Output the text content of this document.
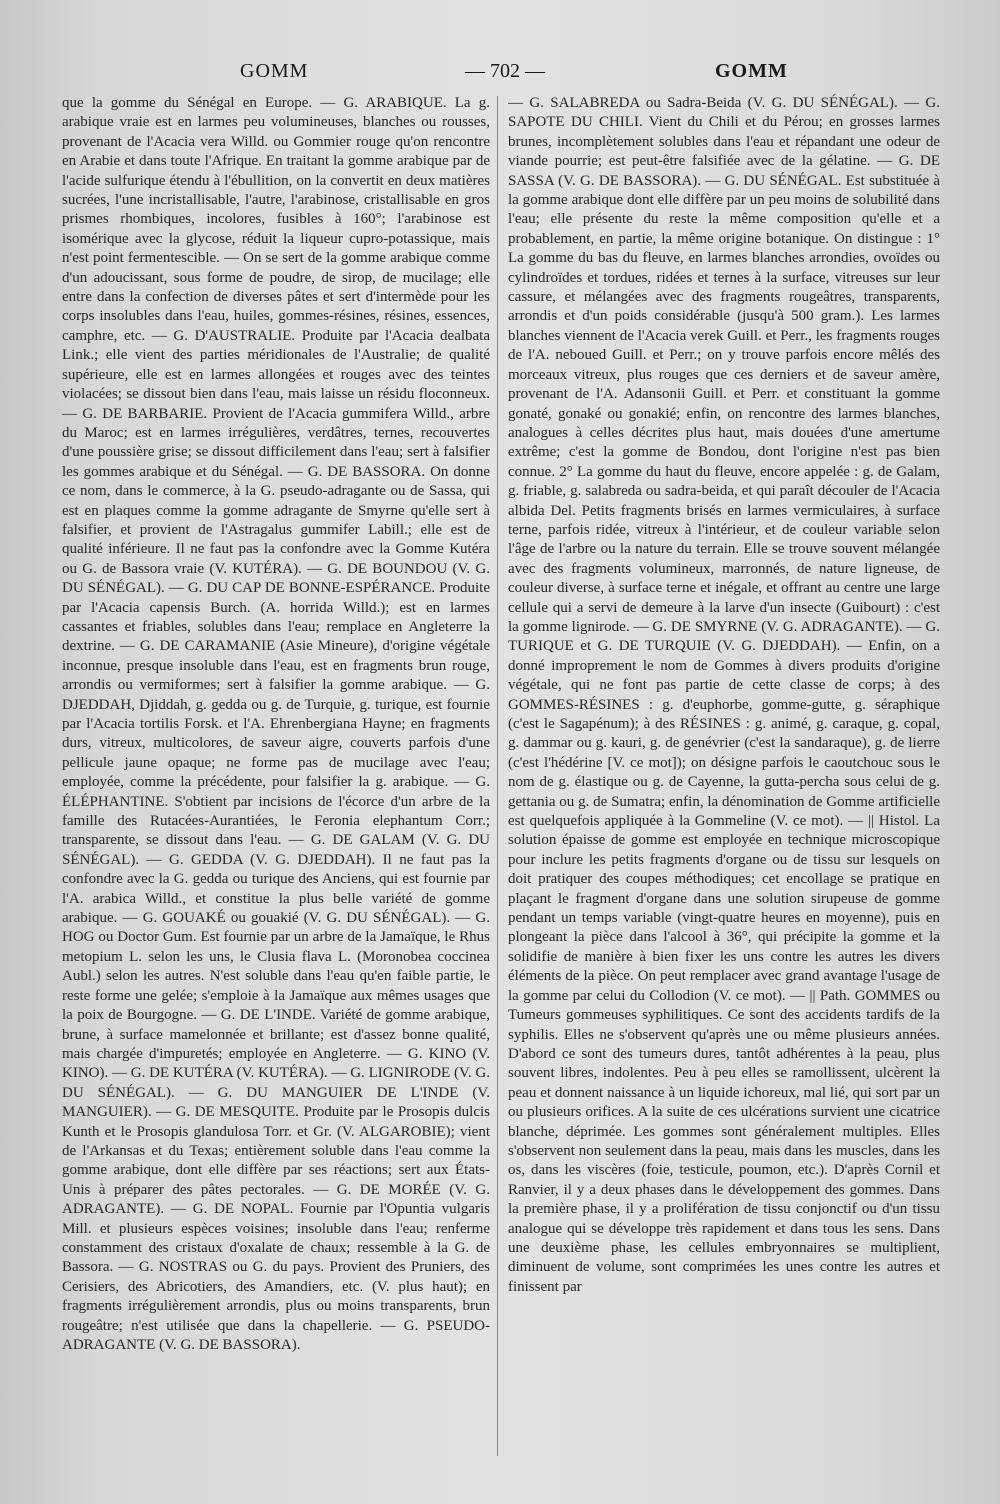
GOMM	— 702 —	GOMM

que la gomme du Sénégal en Europe. — G. ARABIQUE. La g. arabique vraie est en larmes peu volumineuses, blanches ou rousses, provenant de l'Acacia vera Willd. ou Gommier rouge qu'on rencontre en Arabie et dans toute l'Afrique. En traitant la gomme arabique par de l'acide sulfurique étendu à l'ébullition, on la convertit en deux matières sucrées, l'une incristallisable, l'autre, l'arabinose, cristallisable en gros prismes rhombiques, incolores, fusibles à 160°; l'arabinose est isomérique avec la glycose, réduit la liqueur cupro-potassique, mais n'est point fermentescible. — On se sert de la gomme arabique comme d'un adoucissant, sous forme de poudre, de sirop, de mucilage; elle entre dans la confection de diverses pâtes et sert d'intermède pour les corps insolubles dans l'eau, huiles, gommes-résines, résines, essences, camphre, etc. — G. D'AUSTRALIE. Produite par l'Acacia dealbata Link.; elle vient des parties méridionales de l'Australie; de qualité supérieure, elle est en larmes allongées et rouges avec des teintes violacées; se dissout bien dans l'eau, mais laisse un résidu floconneux. — G. DE BARBARIE. Provient de l'Acacia gummifera Willd., arbre du Maroc; est en larmes irrégulières, verdâtres, ternes, recouvertes d'une poussière grise; se dissout difficilement dans l'eau; sert à falsifier les gommes arabique et du Sénégal. — G. DE BASSORA. On donne ce nom, dans le commerce, à la G. pseudo-adragante ou de Sassa, qui est en plaques comme la gomme adragante de Smyrne qu'elle sert à falsifier, et provient de l'Astragalus gummifer Labill.; elle est de qualité inférieure. Il ne faut pas la confondre avec la Gomme Kutéra ou G. de Bassora vraie (V. KUTÉRA). — G. DE BOUNDOU (V. G. DU SÉNÉGAL). — G. DU CAP DE BONNE-ESPÉRANCE. Produite par l'Acacia capensis Burch. (A. horrida Willd.); est en larmes cassantes et friables, solubles dans l'eau; remplace en Angleterre la dextrine. — G. DE CARAMANIE (Asie Mineure), d'origine végétale inconnue, presque insoluble dans l'eau, est en fragments brun rouge, arrondis ou vermiformes; sert à falsifier la gomme arabique. — G. DJEDDAH, Djiddah, g. gedda ou g. de Turquie, g. turique, est fournie par l'Acacia tortilis Forsk. et l'A. Ehrenbergiana Hayne; en fragments durs, vitreux, multicolores, de saveur aigre, couverts parfois d'une pellicule jaune opaque; ne forme pas de mucilage avec l'eau; employée, comme la précédente, pour falsifier la g. arabique. — G. ÉLÉPHANTINE. S'obtient par incisions de l'écorce d'un arbre de la famille des Rutacées-Aurantiées, le Feronia elephantum Corr.; transparente, se dissout dans l'eau. — G. DE GALAM (V. G. DU SÉNÉGAL). — G. GEDDA (V. G. DJEDDAH). Il ne faut pas la confondre avec la G. gedda ou turique des Anciens, qui est fournie par l'A. arabica Willd., et constitue la plus belle variété de gomme arabique. — G. GOUAKÉ ou gouakié (V. G. DU SÉNÉGAL). — G. HOG ou Doctor Gum. Est fournie par un arbre de la Jamaïque, le Rhus metopium L. selon les uns, le Clusia flava L. (Moronobea coccinea Aubl.) selon les autres. N'est soluble dans l'eau qu'en faible partie, le reste forme une gelée; s'emploie à la Jamaïque aux mêmes usages que la poix de Bourgogne. — G. DE L'INDE. Variété de gomme arabique, brune, à surface mamelonnée et brillante; est d'assez bonne qualité, mais chargée d'impuretés; employée en Angleterre. — G. KINO (V. KINO). — G. DE KUTÉRA (V. KUTÉRA). — G. LIGNIRODE (V. G. DU SÉNÉGAL). — G. DU MANGUIER DE L'INDE (V. MANGUIER). — G. DE MESQUITE. Produite par le Prosopis dulcis Kunth et le Prosopis glandulosa Torr. et Gr. (V. ALGAROBIE); vient de l'Arkansas et du Texas; entièrement soluble dans l'eau comme la gomme arabique, dont elle diffère par ses réactions; sert aux États-Unis à préparer des pâtes pectorales. — G. DE MORÉE (V. G. ADRAGANTE). — G. DE NOPAL. Fournie par l'Opuntia vulgaris Mill. et plusieurs espèces voisines; insoluble dans l'eau; renferme constamment des cristaux d'oxalate de chaux; ressemble à la G. de Bassora. — G. NOSTRAS ou G. du pays. Provient des Pruniers, des Cerisiers, des Abricotiers, des Amandiers, etc. (V. plus haut); en fragments irrégulièrement arrondis, plus ou moins transparents, brun rougeâtre; n'est utilisée que dans la chapellerie. — G. PSEUDO-ADRAGANTE (V. G. DE BASSORA).

— G. SALABREDA ou Sadra-Beida (V. G. DU SÉNÉGAL). — G. SAPOTE DU CHILI. Vient du Chili et du Pérou; en grosses larmes brunes, incomplètement solubles dans l'eau et répandant une odeur de viande pourrie; est peut-être falsifiée avec de la gélatine. — G. DE SASSA (V. G. DE BASSORA). — G. DU SÉNÉGAL. Est substituée à la gomme arabique dont elle diffère par un peu moins de solubilité dans l'eau; elle présente du reste la même composition qu'elle et a probablement, en partie, la même origine botanique. On distingue : 1° La gomme du bas du fleuve, en larmes blanches arrondies, ovoïdes ou cylindroïdes et tordues, ridées et ternes à la surface, vitreuses sur leur cassure, et mélangées avec des fragments rougeâtres, transparents, arrondis et d'un poids considérable (jusqu'à 500 gram.). Les larmes blanches viennent de l'Acacia verek Guill. et Perr., les fragments rouges de l'A. neboued Guill. et Perr.; on y trouve parfois encore mêlés des morceaux vitreux, plus rouges que ces derniers et de saveur amère, provenant de l'A. Adansonii Guill. et Perr. et constituant la gomme gonaté, gonaké ou gonakié; enfin, on rencontre des larmes blanches, analogues à celles décrites plus haut, mais douées d'une amertume extrême; c'est la gomme de Bondou, dont l'origine n'est pas bien connue. 2° La gomme du haut du fleuve, encore appelée : g. de Galam, g. friable, g. salabreda ou sadra-beida, et qui paraît découler de l'Acacia albida Del. Petits fragments brisés en larmes vermiculaires, à surface terne, parfois ridée, vitreux à l'intérieur, et de couleur variable selon l'âge de l'arbre ou la nature du terrain. Elle se trouve souvent mélangée avec des fragments volumineux, marronnés, de nature ligneuse, de couleur diverse, à surface terne et inégale, et offrant au centre une large cellule qui a servi de demeure à la larve d'un insecte (Guibourt) : c'est la gomme lignirode. — G. DE SMYRNE (V. G. ADRAGANTE). — G. TURIQUE et G. DE TURQUIE (V. G. DJEDDAH). — Enfin, on a donné improprement le nom de Gommes à divers produits d'origine végétale, qui ne font pas partie de cette classe de corps; à des GOMMES-RÉSINES : g. d'euphorbe, gomme-gutte, g. séraphique (c'est le Sagapénum); à des RÉSINES : g. animé, g. caraque, g. copal, g. dammar ou g. kauri, g. de genévrier (c'est la sandaraque), g. de lierre (c'est l'hédérine [V. ce mot]); on désigne parfois le caoutchouc sous le nom de g. élastique ou g. de Cayenne, la gutta-percha sous celui de g. gettania ou g. de Sumatra; enfin, la dénomination de Gomme artificielle est quelquefois appliquée à la Gommeline (V. ce mot). — || Histol. La solution épaisse de gomme est employée en technique microscopique pour inclure les petits fragments d'organe ou de tissu sur lesquels on doit pratiquer des coupes méthodiques; cet encollage se pratique en plaçant le fragment d'organe dans une solution sirupeuse de gomme pendant un temps variable (vingt-quatre heures en moyenne), puis en plongeant la pièce dans l'alcool à 36°, qui précipite la gomme et la solidifie de manière à bien fixer les uns contre les autres les divers éléments de la pièce. On peut remplacer avec grand avantage l'usage de la gomme par celui du Collodion (V. ce mot). — || Path. GOMMES ou Tumeurs gommeuses syphilitiques. Ce sont des accidents tardifs de la syphilis. Elles ne s'observent qu'après une ou même plusieurs années. D'abord ce sont des tumeurs dures, tantôt adhérentes à la peau, plus souvent libres, indolentes. Peu à peu elles se ramollissent, ulcèrent la peau et donnent naissance à un liquide ichoreux, mal lié, qui sort par un ou plusieurs orifices. A la suite de ces ulcérations survient une cicatrice blanche, déprimée. Les gommes sont généralement multiples. Elles s'observent non seulement dans la peau, mais dans les muscles, dans les os, dans les viscères (foie, testicule, poumon, etc.). D'après Cornil et Ranvier, il y a deux phases dans le développement des gommes. Dans la première phase, il y a prolifération de tissu conjonctif ou d'un tissu analogue qui se développe très rapidement et dans tous les sens. Dans une deuxième phase, les cellules embryonnaires se multiplient, diminuent de volume, sont comprimées les unes contre les autres et finissent par
